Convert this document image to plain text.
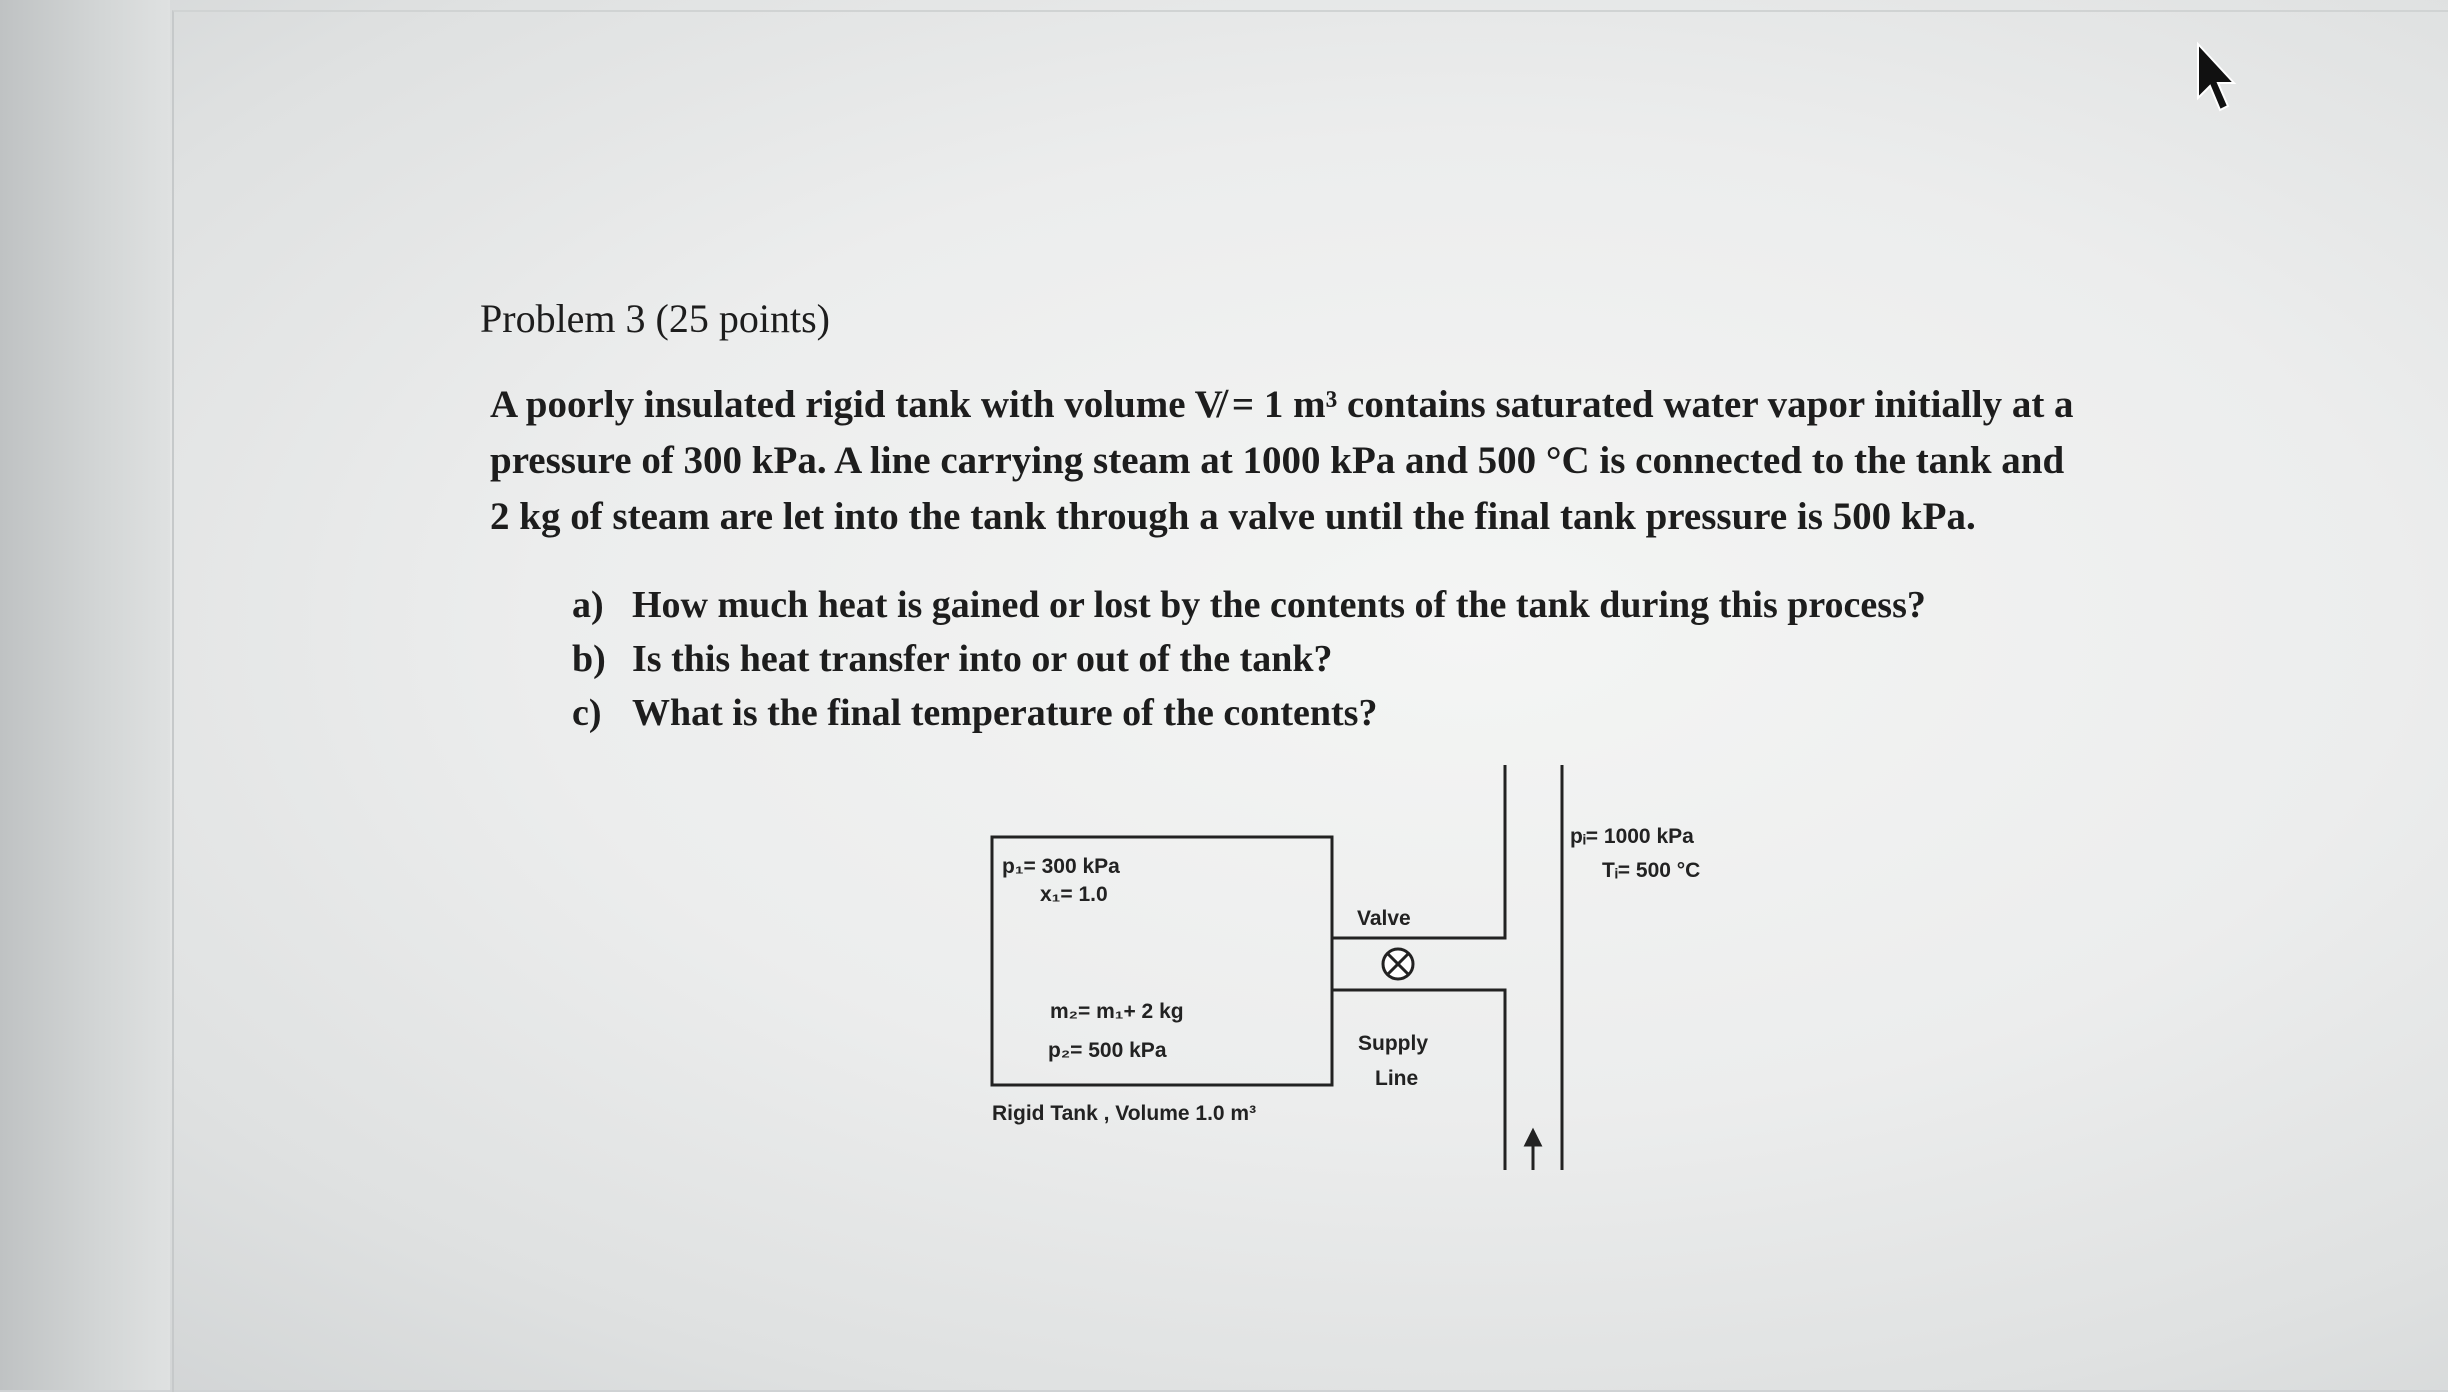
Problem 3 (25 points)
A poorly insulated rigid tank with volume V̸ = 1 m³ contains saturated water vapor initially at a
pressure of 300 kPa. A line carrying steam at 1000 kPa and 500 °C is connected to the tank and
2 kg of steam are let into the tank through a valve until the final tank pressure is 500 kPa.
a) How much heat is gained or lost by the contents of the tank during this process?
b) Is this heat transfer into or out of the tank?
c) What is the final temperature of the contents?
p₁= 300 kPa
x₁= 1.0
m₂= m₁+ 2 kg
p₂= 500 kPa
Rigid Tank , Volume 1.0 m³
Valve
Supply
Line
pᵢ= 1000 kPa
Tᵢ= 500 °C
